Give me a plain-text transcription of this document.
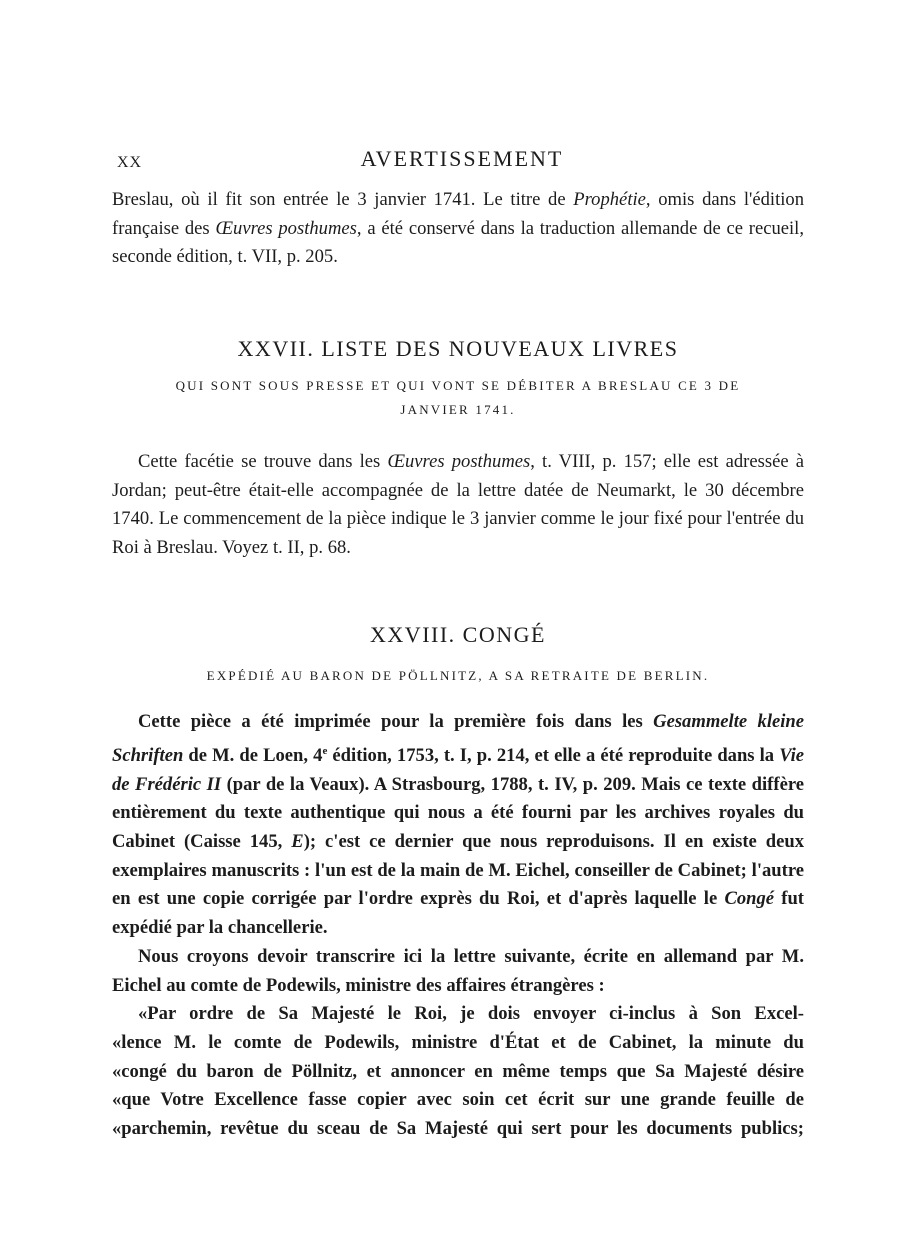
XX	AVERTISSEMENT

Breslau, où il fit son entrée le 3 janvier 1741. Le titre de Prophétie, omis dans l'édition française des Œuvres posthumes, a été conservé dans la traduction allemande de ce recueil, seconde édition, t. VII, p. 205.

XXVII. LISTE DES NOUVEAUX LIVRES
QUI SONT SOUS PRESSE ET QUI VONT SE DÉBITER A BRESLAU CE 3 DE
JANVIER 1741.

Cette facétie se trouve dans les Œuvres posthumes, t. VIII, p. 157; elle est adressée à Jordan; peut-être était-elle accompagnée de la lettre datée de Neumarkt, le 30 décembre 1740. Le commencement de la pièce indique le 3 janvier comme le jour fixé pour l'entrée du Roi à Breslau. Voyez t. II, p. 68.

XXVIII. CONGÉ
EXPÉDIÉ AU BARON DE PÖLLNITZ, A SA RETRAITE DE BERLIN.

Cette pièce a été imprimée pour la première fois dans les Gesammelte kleine Schriften de M. de Loen, 4e édition, 1753, t. I, p. 214, et elle a été reproduite dans la Vie de Frédéric II (par de la Veaux). A Strasbourg, 1788, t. IV, p. 209. Mais ce texte diffère entièrement du texte authentique qui nous a été fourni par les archives royales du Cabinet (Caisse 145, E); c'est ce dernier que nous reproduisons. Il en existe deux exemplaires manuscrits : l'un est de la main de M. Eichel, conseiller de Cabinet; l'autre en est une copie corrigée par l'ordre exprès du Roi, et d'après laquelle le Congé fut expédié par la chancellerie.

Nous croyons devoir transcrire ici la lettre suivante, écrite en allemand par M. Eichel au comte de Podewils, ministre des affaires étrangères :

«Par ordre de Sa Majesté le Roi, je dois envoyer ci-inclus à Son Excel-

«lence M. le comte de Podewils, ministre d'État et de Cabinet, la minute du

«congé du baron de Pöllnitz, et annoncer en même temps que Sa Majesté désire

«que Votre Excellence fasse copier avec soin cet écrit sur une grande feuille de

«parchemin, revêtue du sceau de Sa Majesté qui sert pour les documents publics;
